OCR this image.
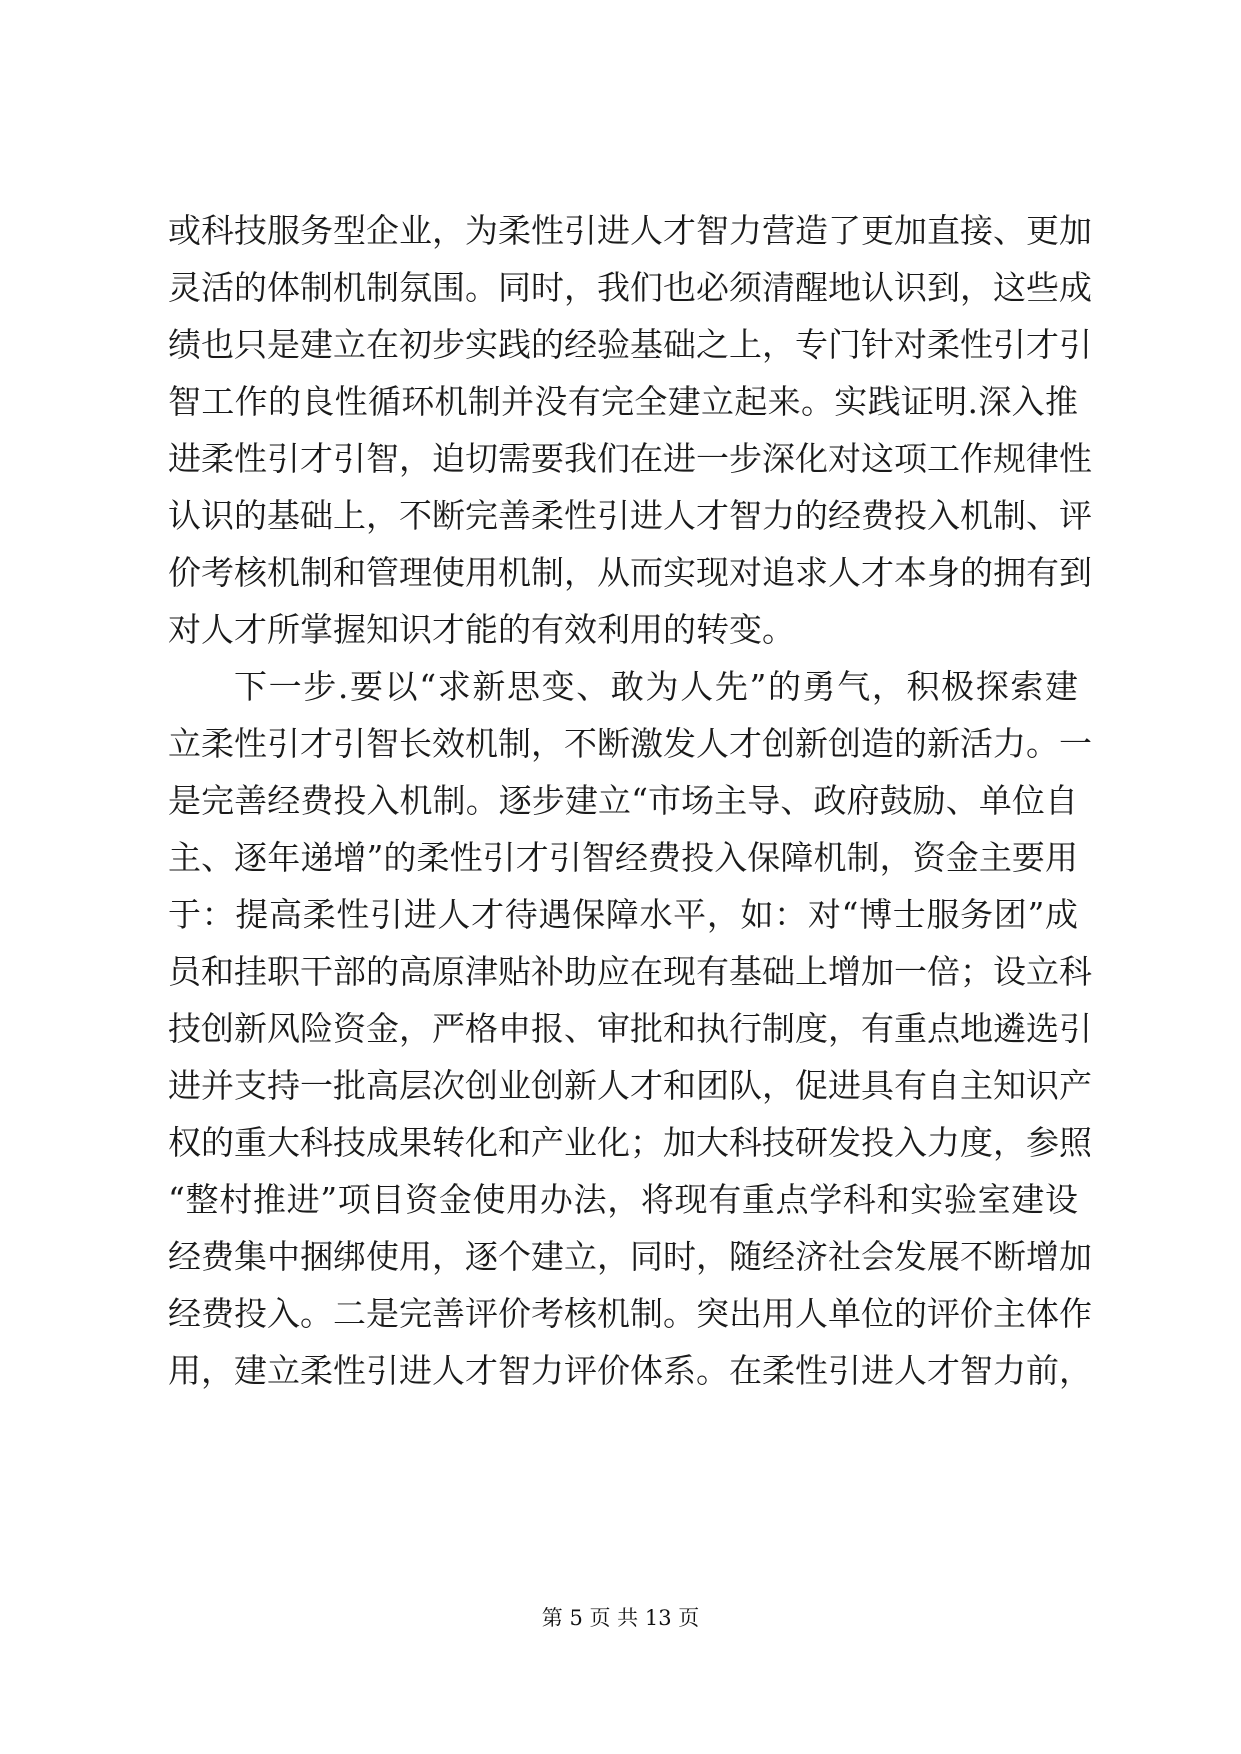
或科技服务型企业，为柔性引进人才智力营造了更加直接、更加
灵活的体制机制氛围。同时，我们也必须清醒地认识到，这些成
绩也只是建立在初步实践的经验基础之上，专门针对柔性引才引
智工作的良性循环机制并没有完全建立起来。实践证明.深入推
进柔性引才引智，迫切需要我们在进一步深化对这项工作规律性
认识的基础上，不断完善柔性引进人才智力的经费投入机制、评
价考核机制和管理使用机制，从而实现对追求人才本身的拥有到
对人才所掌握知识才能的有效利用的转变。
下一步.要以“求新思变、敢为人先”的勇气，积极探索建
立柔性引才引智长效机制，不断激发人才创新创造的新活力。一
是完善经费投入机制。逐步建立“市场主导、政府鼓励、单位自
主、逐年递增”的柔性引才引智经费投入保障机制，资金主要用
于：提高柔性引进人才待遇保障水平，如：对“博士服务团”成
员和挂职干部的高原津贴补助应在现有基础上增加一倍；设立科
技创新风险资金，严格申报、审批和执行制度，有重点地遴选引
进并支持一批高层次创业创新人才和团队，促进具有自主知识产
权的重大科技成果转化和产业化；加大科技研发投入力度，参照
“整村推进”项目资金使用办法，将现有重点学科和实验室建设
经费集中捆绑使用，逐个建立，同时，随经济社会发展不断增加
经费投入。二是完善评价考核机制。突出用人单位的评价主体作
用，建立柔性引进人才智力评价体系。在柔性引进人才智力前，
第 5 页 共 13 页
